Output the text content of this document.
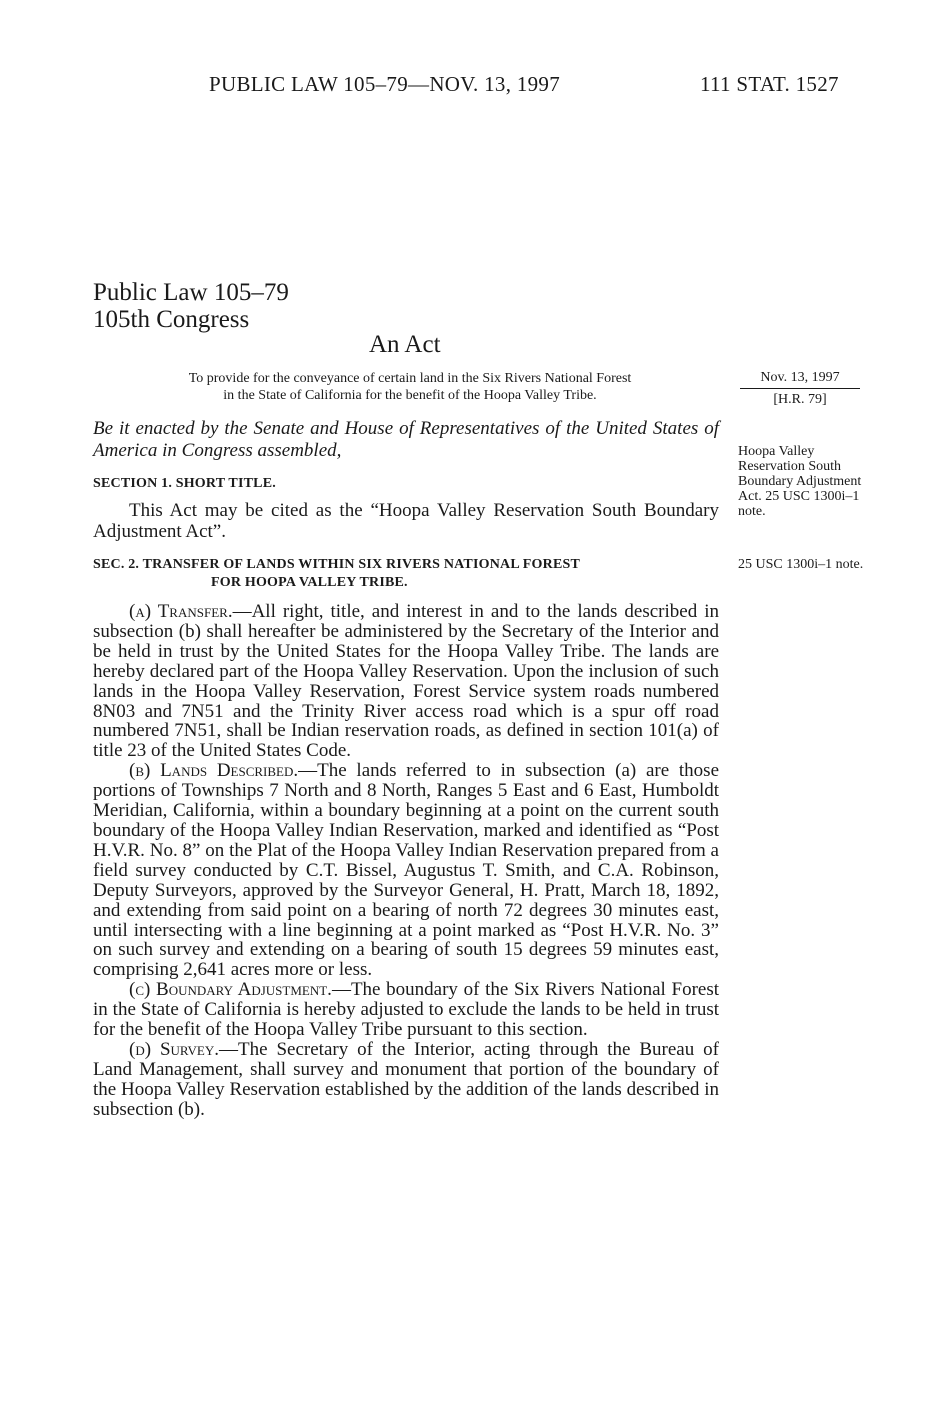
PUBLIC LAW 105–79—NOV. 13, 1997	111 STAT. 1527
Public Law 105–79
105th Congress
An Act
To provide for the conveyance of certain land in the Six Rivers National Forest
in the State of California for the benefit of the Hoopa Valley Tribe.
Nov. 13, 1997
[H.R. 79]
Be it enacted by the Senate and House of Representatives of the United States of America in Congress assembled,	Hoopa Valley Reservation South Boundary Adjustment Act. 25 USC 1300i–1 note.
SECTION 1. SHORT TITLE.

This Act may be cited as the “Hoopa Valley Reservation South Boundary Adjustment Act”.

SEC. 2. TRANSFER OF LANDS WITHIN SIX RIVERS NATIONAL FOREST
FOR HOOPA VALLEY TRIBE.
25 USC 1300i–1 note.

(a) Transfer.—All right, title, and interest in and to the lands described in subsection (b) shall hereafter be administered by the Secretary of the Interior and be held in trust by the United States for the Hoopa Valley Tribe. The lands are hereby declared part of the Hoopa Valley Reservation. Upon the inclusion of such lands in the Hoopa Valley Reservation, Forest Service system roads numbered 8N03 and 7N51 and the Trinity River access road which is a spur off road numbered 7N51, shall be Indian reservation roads, as defined in section 101(a) of title 23 of the United States Code.

(b) Lands Described.—The lands referred to in subsection (a) are those portions of Townships 7 North and 8 North, Ranges 5 East and 6 East, Humboldt Meridian, California, within a boundary beginning at a point on the current south boundary of the Hoopa Valley Indian Reservation, marked and identified as “Post H.V.R. No. 8” on the Plat of the Hoopa Valley Indian Reservation prepared from a field survey conducted by C.T. Bissel, Augustus T. Smith, and C.A. Robinson, Deputy Surveyors, approved by the Surveyor General, H. Pratt, March 18, 1892, and extending from said point on a bearing of north 72 degrees 30 minutes east, until intersecting with a line beginning at a point marked as “Post H.V.R. No. 3” on such survey and extending on a bearing of south 15 degrees 59 minutes east, comprising 2,641 acres more or less.

(c) Boundary Adjustment.—The boundary of the Six Rivers National Forest in the State of California is hereby adjusted to exclude the lands to be held in trust for the benefit of the Hoopa Valley Tribe pursuant to this section.

(d) Survey.—The Secretary of the Interior, acting through the Bureau of Land Management, shall survey and monument that portion of the boundary of the Hoopa Valley Reservation established by the addition of the lands described in subsection (b).
